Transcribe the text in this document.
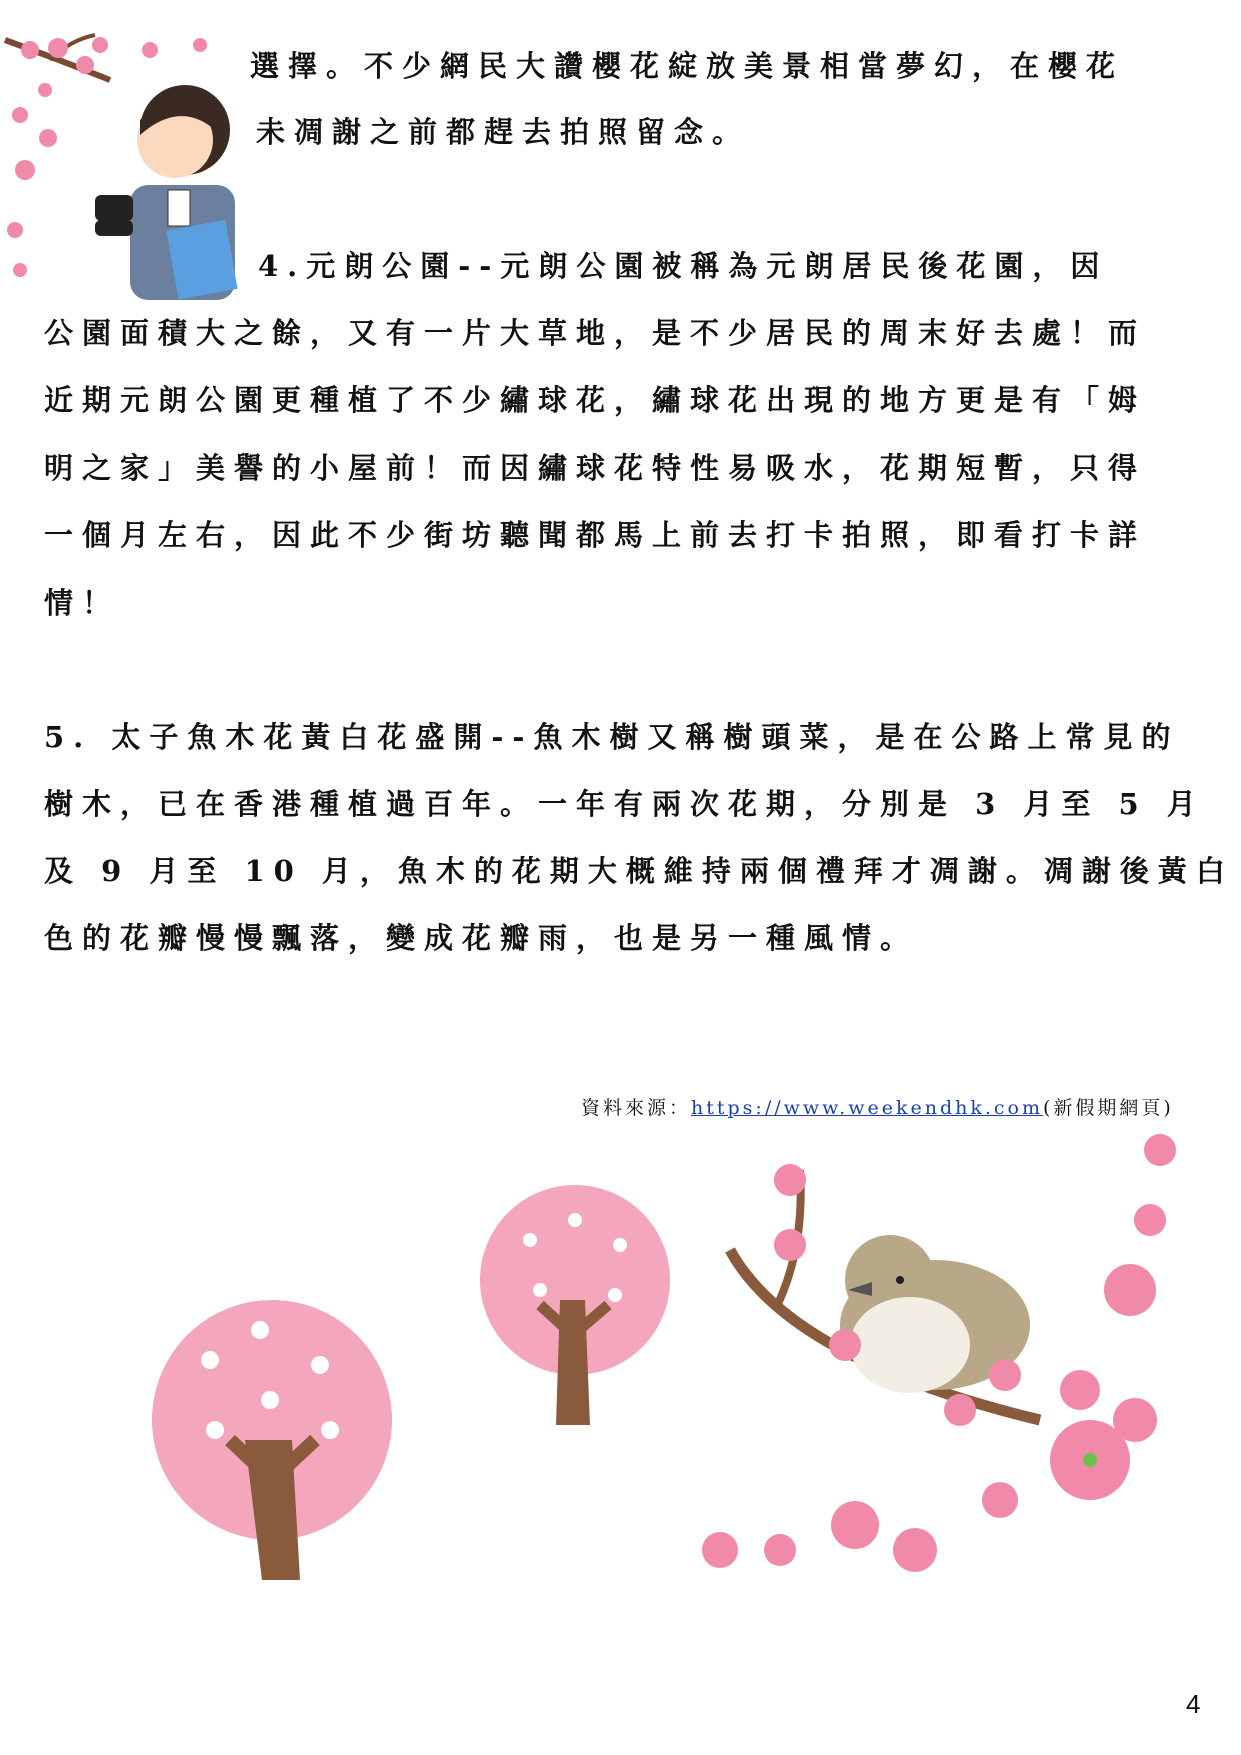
選擇。不少網民大讚櫻花綻放美景相當夢幻，在櫻花
未凋謝之前都趕去拍照留念。
4.元朗公園--元朗公園被稱為元朗居民後花園，因
公園面積大之餘，又有一片大草地，是不少居民的周末好去處！而
近期元朗公園更種植了不少繡球花，繡球花出現的地方更是有「姆
明之家」美譽的小屋前！而因繡球花特性易吸水，花期短暫，只得
一個月左右，因此不少街坊聽聞都馬上前去打卡拍照，即看打卡詳
情！
5. 太子魚木花黃白花盛開--魚木樹又稱樹頭菜，是在公路上常見的
樹木，已在香港種植過百年。一年有兩次花期，分別是 3 月至 5 月
及 9 月至 10 月，魚木的花期大概維持兩個禮拜才凋謝。凋謝後黃白
色的花瓣慢慢飄落，變成花瓣雨，也是另一種風情。
資料來源：https://www.weekendhk.com(新假期網頁)
4
